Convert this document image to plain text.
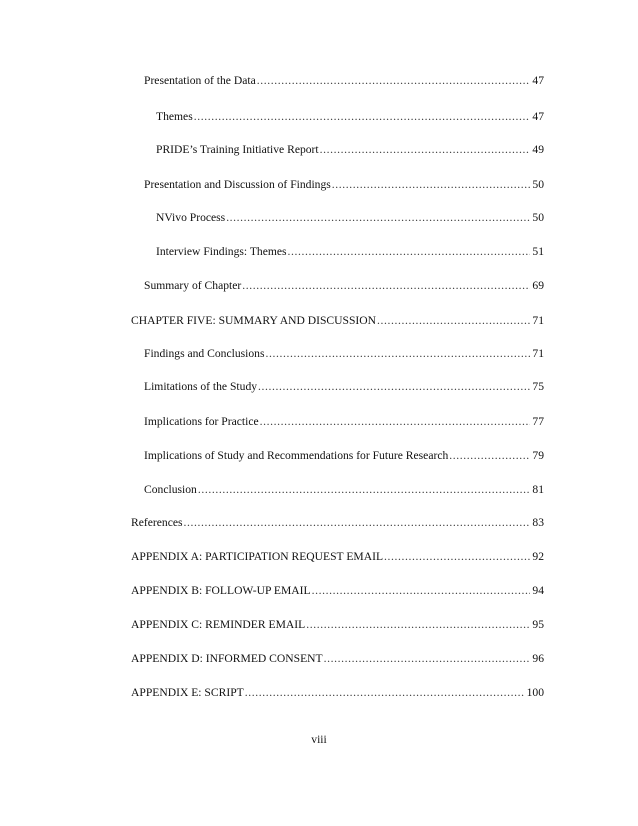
Presentation of the Data .....	47
Themes .....	47
PRIDE’s Training Initiative Report .....	49
Presentation and Discussion of Findings .....	50
NVivo Process .....	50
Interview Findings: Themes .....	51
Summary of Chapter .....	69
CHAPTER FIVE: SUMMARY AND DISCUSSION .....	71
Findings and Conclusions .....	71
Limitations of the Study .....	75
Implications for Practice .....	77
Implications of Study and Recommendations for Future Research .....	79
Conclusion .....	81
References .....	83
APPENDIX A: PARTICIPATION REQUEST EMAIL .....	92
APPENDIX B: FOLLOW-UP EMAIL .....	94
APPENDIX C: REMINDER EMAIL .....	95
APPENDIX D: INFORMED CONSENT .....	96
APPENDIX E: SCRIPT .....	100
viii
